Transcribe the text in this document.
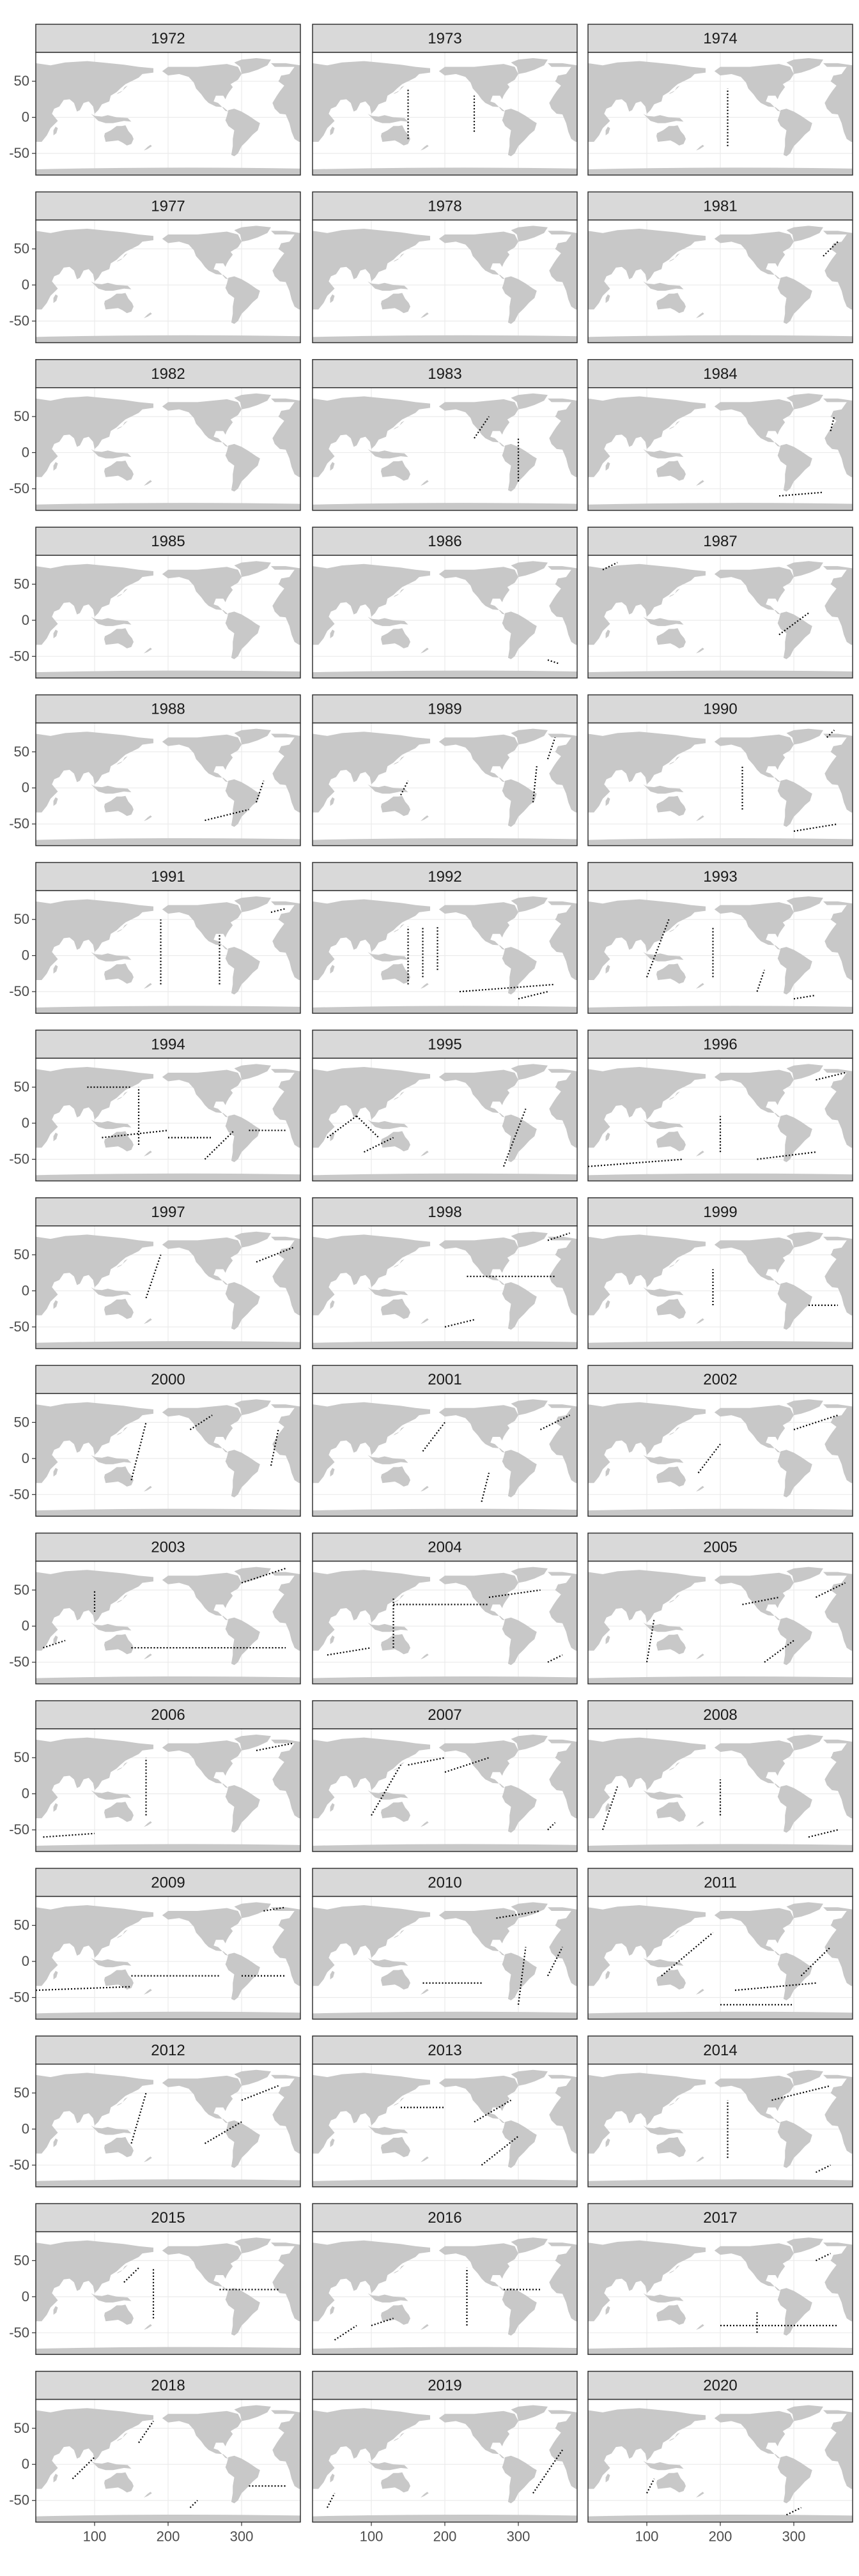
1972
50
0
-50
1973	1974
1977
50
0
-50
1978	1981
1982
50
0
-50
1983	1984
1985
50
0
-50
1986	1987
1988
50
0
-50
1989	1990
1991
50
0
-50
1992	1993
1994
50
0
-50
1995	1996
1997
50
0
-50
1998	1999
2000
50
0
-50
2001	2002
2003
50
0
-50
2004	2005
2006
50
0
-50
2007	2008
2009
50
0
-50
2010	2011
2012
50
0
-50
2013	2014
2015
50
0
-50
2016	2017
2018
50
0
-50
100	200	300
2019
100	200	300
2020
100	200	300
